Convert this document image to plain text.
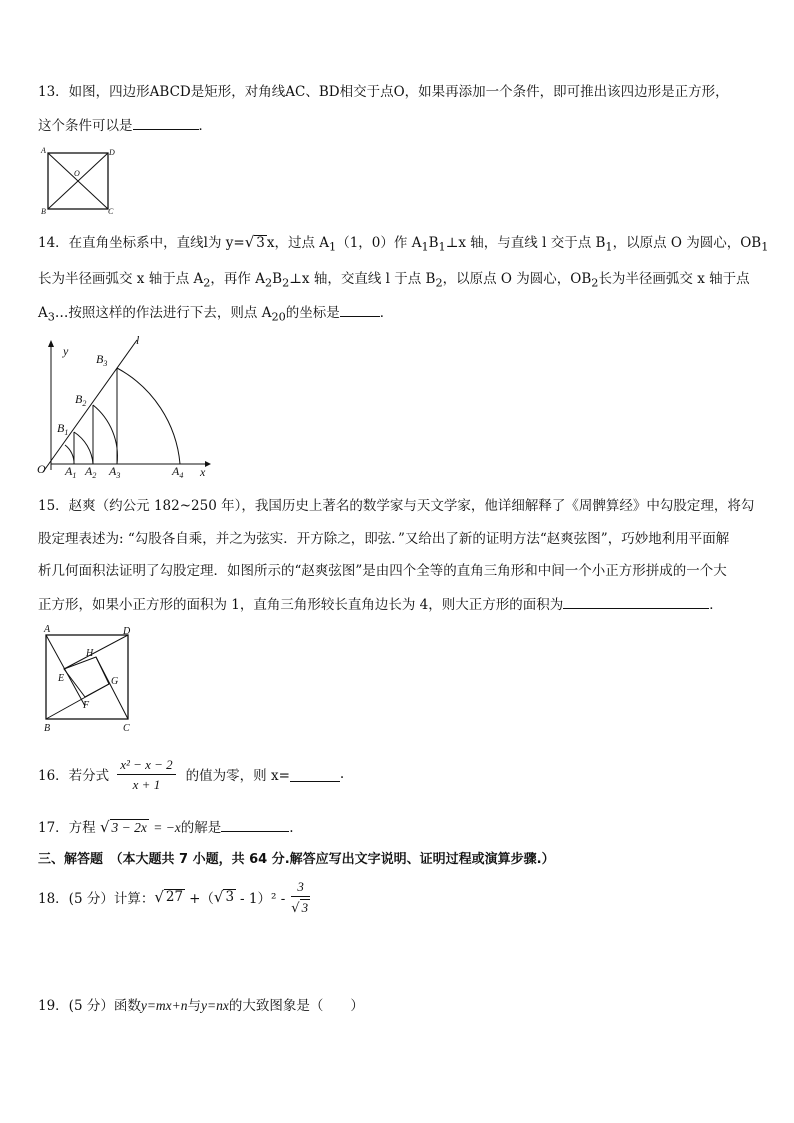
13．如图，四边形ABCD是矩形，对角线AC、BD相交于点O，如果再添加一个条件，即可推出该四边形是正方形，
这个条件可以是	．
A	D
B	C
O
14．在直角坐标系中，直线l为 y=√ 3 x，过点 $A_1(1$，0）作 $A_1B_1\perp x$ 轴，与直线 l 交于点 $B_1$，以原点 O 为圆心，$OB_1$
长为半径画弧交 x 轴于点 $A_2$，再作 $A_2B_2\perp x$ 轴，交直线 l 于点 $B_2$，以原点 O 为圆心，$OB_2$长为半径画弧交 x 轴于点
$A_3\dots$按照这样的作法进行下去，则点 $A_{20}$的坐标是	．
y
x
l
O $A_1$ $A_2$ $A_3$	$A_4$
$B_1$
$B_2$
$B_3$
15．赵爽（约公元 182~250 年），我国历史上著名的数学家与天文学家，他详细解释了《周髀算经》中勾股定理，将勾
股定理表述为: “勾股各自乘，并之为弦实．开方除之，即弦．”又给出了新的证明方法“赵爽弦图”，巧妙地利用平面解
析几何面积法证明了勾股定理．如图所示的“赵爽弦图”是由四个全等的直角三角形和中间一个小正方形拼成的一个大
正方形，如果小正方形的面积为 1，直角三角形较长直角边长为 4，则大正方形的面积为	．
A	D
B	C
H
E	G
F
16．若分式 $\frac{\text{x² − x − 2}}{x + 1}$ 的值为零，则 x=	.
17．方程 √ 3 − 2x = −x的解是	.
三、解答题　（本大题共 7 小题，共 64 分.解答应写出文字说明、证明过程或演算步骤.）
18．(5 分）计算： √ 27 +（ √ $3 - 1)^2 - \frac{3}{√ 3}$
19．(5 分）函数y=mx+n与y=nx的大致图象是（　　）
